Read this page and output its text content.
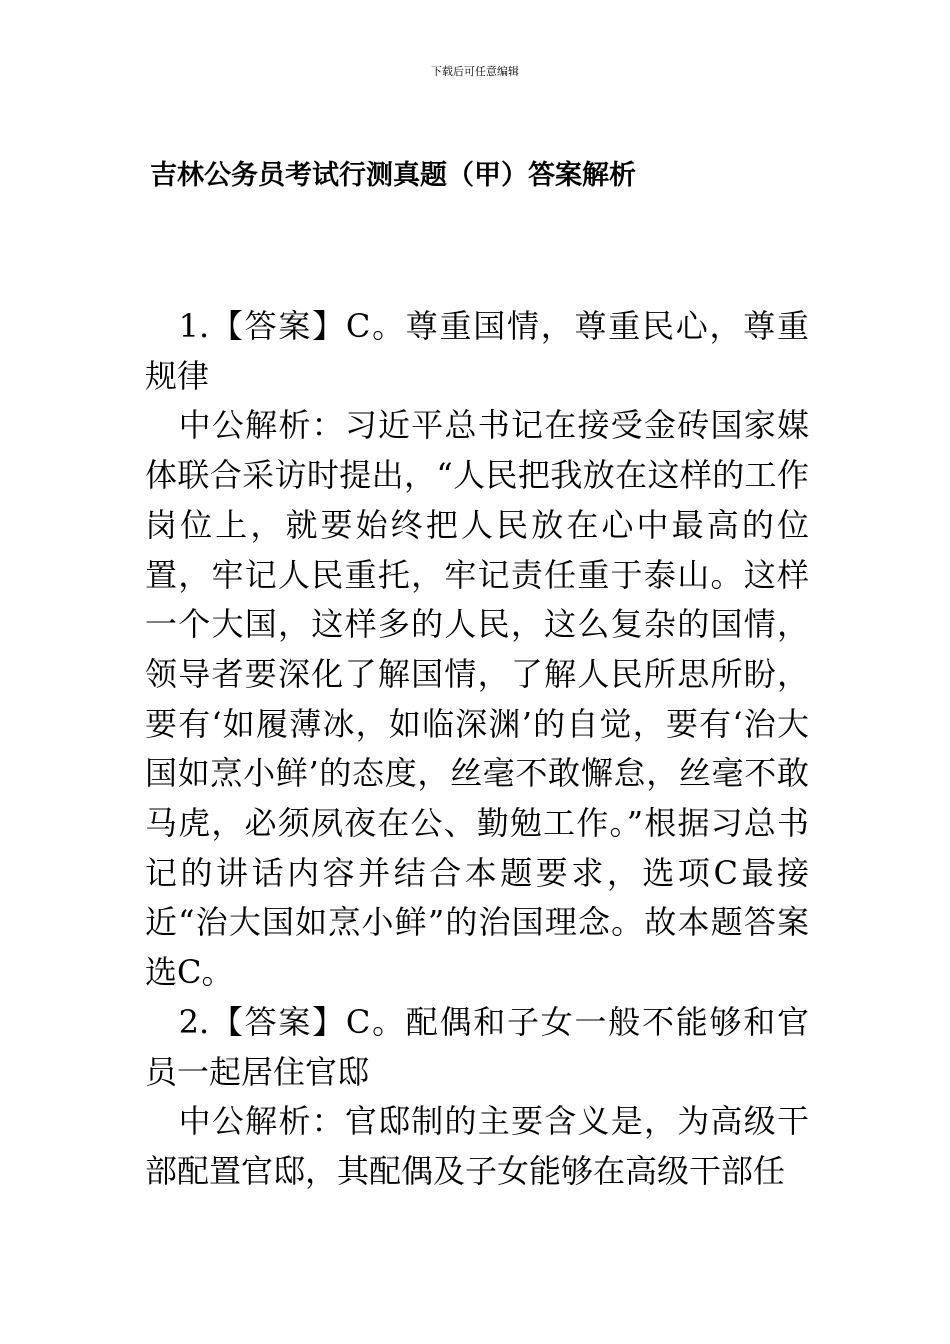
下载后可任意编辑
吉林公务员考试行测真题（甲）答案解析

1.【答案】C。尊重国情，尊重民心，尊重规律

中公解析：习近平总书记在接受金砖国家媒体联合采访时提出，“人民把我放在这样的工作岗位上，就要始终把人民放在心中最高的位置，牢记人民重托，牢记责任重于泰山。这样一个大国，这样多的人民，这么复杂的国情，领导者要深化了解国情，了解人民所思所盼，要有‘如履薄冰，如临深渊’的自觉，要有‘治大国如烹小鲜’的态度，丝毫不敢懈怠，丝毫不敢马虎，必须夙夜在公、勤勉工作。”根据习总书记的讲话内容并结合本题要求，选项C最接近“治大国如烹小鲜”的治国理念。故本题答案选C。

2.【答案】C。配偶和子女一般不能够和官员一起居住官邸

中公解析：官邸制的主要含义是，为高级干部配置官邸，其配偶及子女能够在高级干部任
